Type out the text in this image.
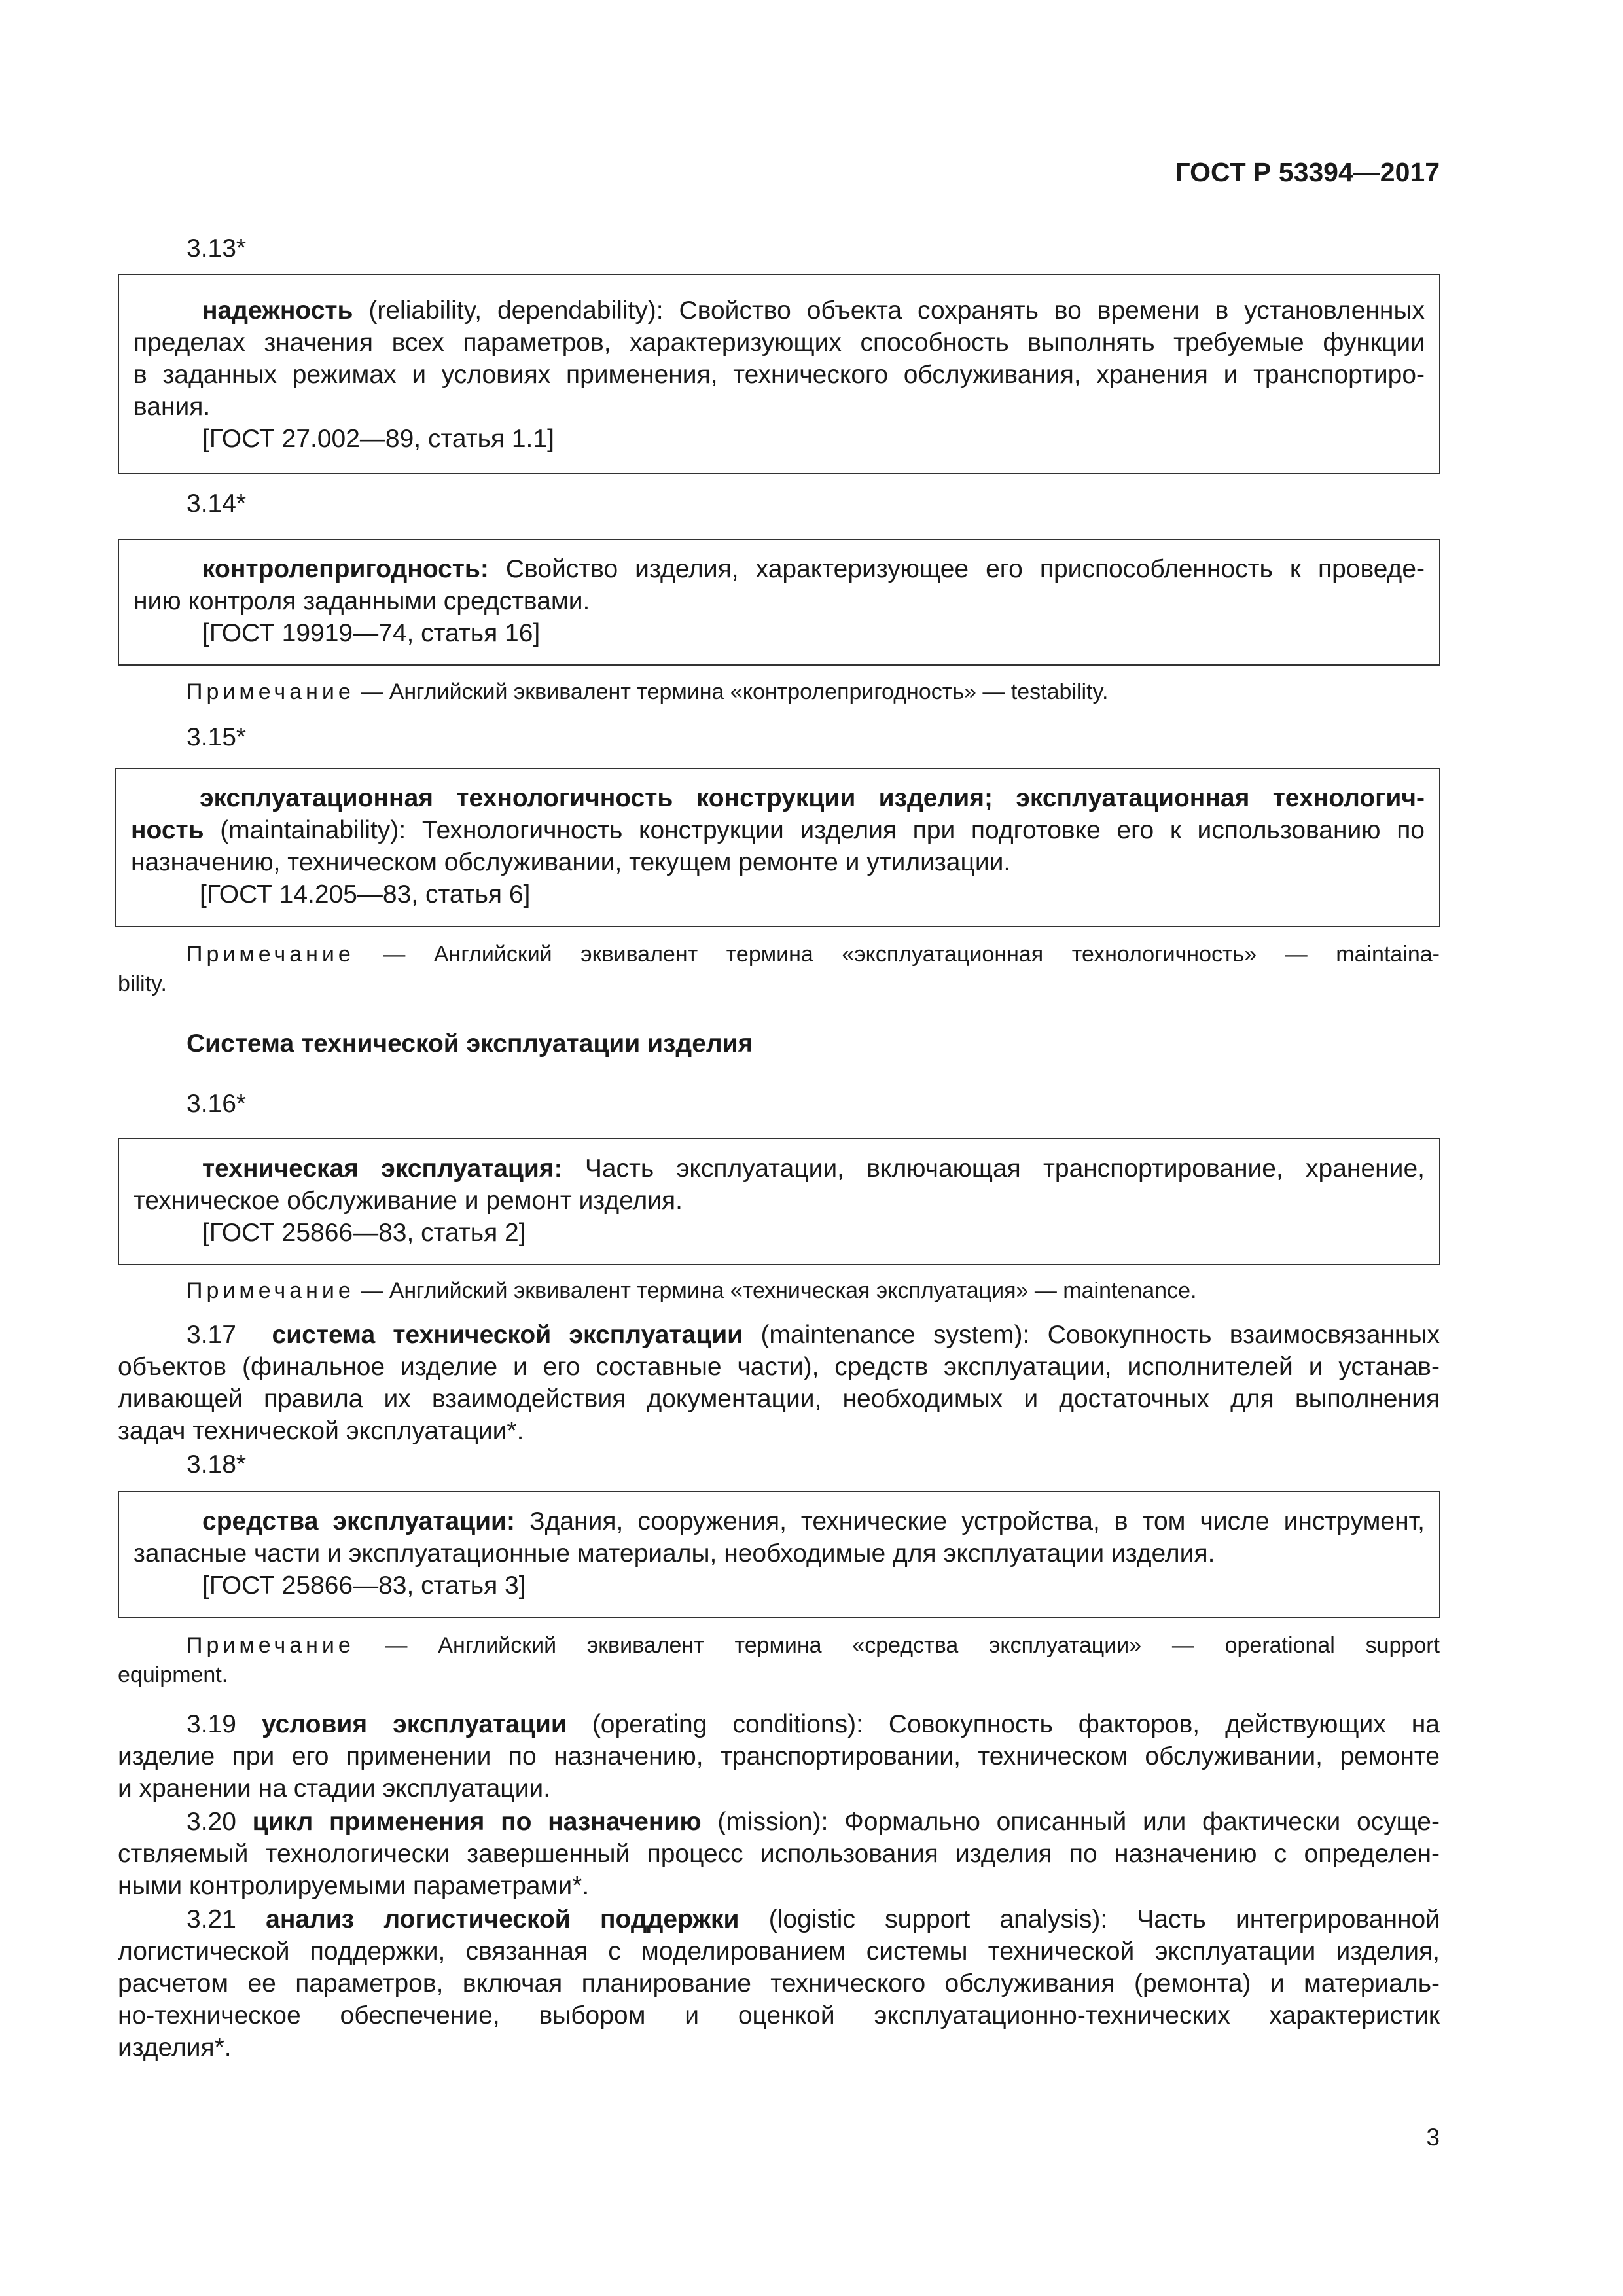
ГОСТ Р 53394—2017
3.13*

надежность (reliability, dependability): Свойство объекта сохранять во времени в установленных

пределах значения всех параметров, характеризующих способность выполнять требуемые функции

в заданных режимах и условиях применения, технического обслуживания, хранения и транспортиро-

вания.

[ГОСТ 27.002—89, статья 1.1]

3.14*

контролепригодность: Свойство изделия, характеризующее его приспособленность к проведе-

нию контроля заданными средствами.

[ГОСТ 19919—74, статья 16]

Примечание — Английский эквивалент термина «контролепригодность» — testability.
3.15*

эксплуатационная технологичность конструкции изделия; эксплуатационная технологич-

ность (maintainability): Технологичность конструкции изделия при подготовке его к использованию по

назначению, техническом обслуживании, текущем ремонте и утилизации.

[ГОСТ 14.205—83, статья 6]

Примечание — Английский эквивалент термина «эксплуатационная технологичность» — maintaina-

bility.

Система технической эксплуатации изделия
3.16*

техническая эксплуатация: Часть эксплуатации, включающая транспортирование, хранение,

техническое обслуживание и ремонт изделия.

[ГОСТ 25866—83, статья 2]

Примечание — Английский эквивалент термина «техническая эксплуатация» — maintenance.

3.17 система технической эксплуатации (maintenance system): Совокупность взаимосвязанных

объектов (финальное изделие и его составные части), средств эксплуатации, исполнителей и устанав-

ливающей правила их взаимодействия документации, необходимых и достаточных для выполнения

задач технической эксплуатации*.

3.18*

средства эксплуатации: Здания, сооружения, технические устройства, в том числе инструмент,

запасные части и эксплуатационные материалы, необходимые для эксплуатации изделия.

[ГОСТ 25866—83, статья 3]

Примечание — Английский эквивалент термина «средства эксплуатации» — operational support

equipment.

3.19 условия эксплуатации (operating conditions): Совокупность факторов, действующих на

изделие при его применении по назначению, транспортировании, техническом обслуживании, ремонте

и хранении на стадии эксплуатации.

3.20 цикл применения по назначению (mission): Формально описанный или фактически осуще-

ствляемый технологически завершенный процесс использования изделия по назначению с определен-

ными контролируемыми параметрами*.

3.21 анализ логистической поддержки (logistic support analysis): Часть интегрированной

логистической поддержки, связанная с моделированием системы технической эксплуатации изделия,

расчетом ее параметров, включая планирование технического обслуживания (ремонта) и материаль-

но-техническое обеспечение, выбором и оценкой эксплуатационно-технических характеристик

изделия*.

3
